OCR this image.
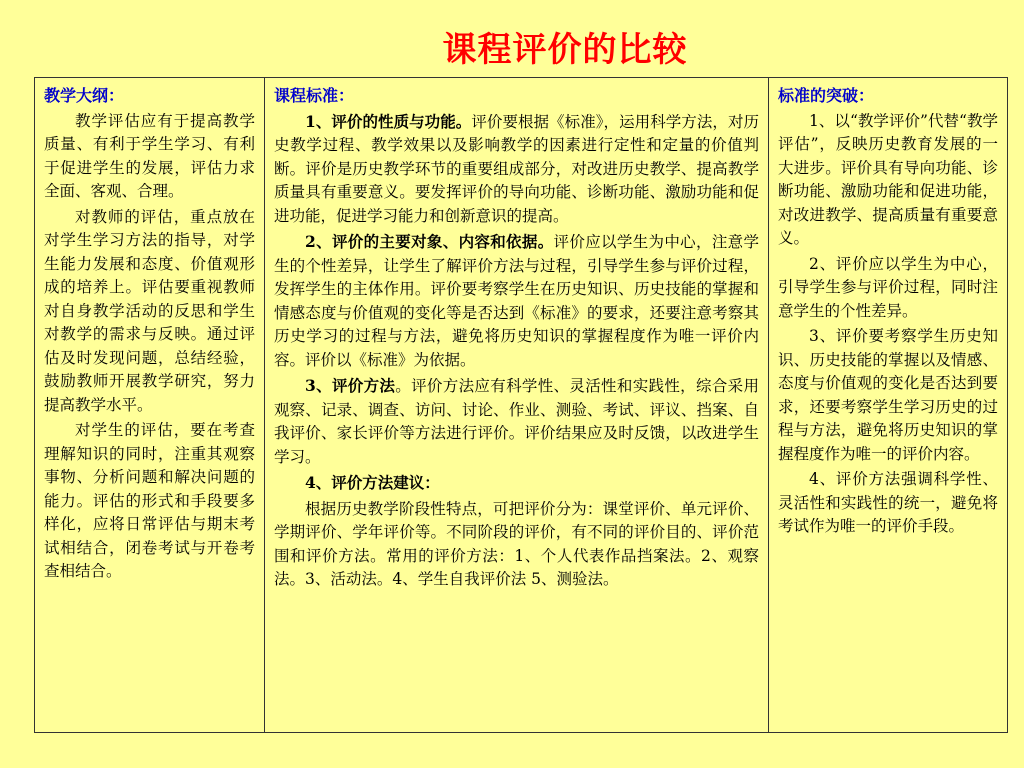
课程评价的比较
教学大纲：

教学评估应有于提高教学质量、有利于学生学习、有利于促进学生的发展，评估力求全面、客观、合理。

对教师的评估，重点放在对学生学习方法的指导，对学生能力发展和态度、价值观形成的培养上。评估要重视教师对自身教学活动的反思和学生对教学的需求与反映。通过评估及时发现问题，总结经验，鼓励教师开展教学研究，努力提高教学水平。

对学生的评估，要在考查理解知识的同时，注重其观察事物、分析问题和解决问题的能力。评估的形式和手段要多样化，应将日常评估与期末考试相结合，闭卷考试与开卷考查相结合。

课程标准：

1、评价的性质与功能。评价要根据《标准》，运用科学方法，对历史教学过程、教学效果以及影响教学的因素进行定性和定量的价值判断。评价是历史教学环节的重要组成部分，对改进历史教学、提高教学质量具有重要意义。要发挥评价的导向功能、诊断功能、激励功能和促进功能，促进学习能力和创新意识的提高。

2、评价的主要对象、内容和依据。评价应以学生为中心，注意学生的个性差异，让学生了解评价方法与过程，引导学生参与评价过程，发挥学生的主体作用。评价要考察学生在历史知识、历史技能的掌握和情感态度与价值观的变化等是否达到《标准》的要求，还要注意考察其历史学习的过程与方法，避免将历史知识的掌握程度作为唯一评价内容。评价以《标准》为依据。

3、评价方法。评价方法应有科学性、灵活性和实践性，综合采用观察、记录、调查、访问、讨论、作业、测验、考试、评议、挡案、自我评价、家长评价等方法进行评价。评价结果应及时反馈，以改进学生学习。

4、评价方法建议：

根据历史教学阶段性特点，可把评价分为：课堂评价、单元评价、学期评价、学年评价等。不同阶段的评价，有不同的评价目的、评价范围和评价方法。常用的评价方法：1、个人代表作品挡案法。2、观察法。3、活动法。4、学生自我评价法 5、测验法。

标准的突破：

1、以“教学评价”代替“教学评估”，反映历史教育发展的一大进步。评价具有导向功能、诊断功能、激励功能和促进功能，对改进教学、提高质量有重要意义。

2、评价应以学生为中心，引导学生参与评价过程，同时注意学生的个性差异。

3、评价要考察学生历史知识、历史技能的掌握以及情感、态度与价值观的变化是否达到要求，还要考察学生学习历史的过程与方法，避免将历史知识的掌握程度作为唯一的评价内容。

4、评价方法强调科学性、灵活性和实践性的统一，避免将考试作为唯一的评价手段。
